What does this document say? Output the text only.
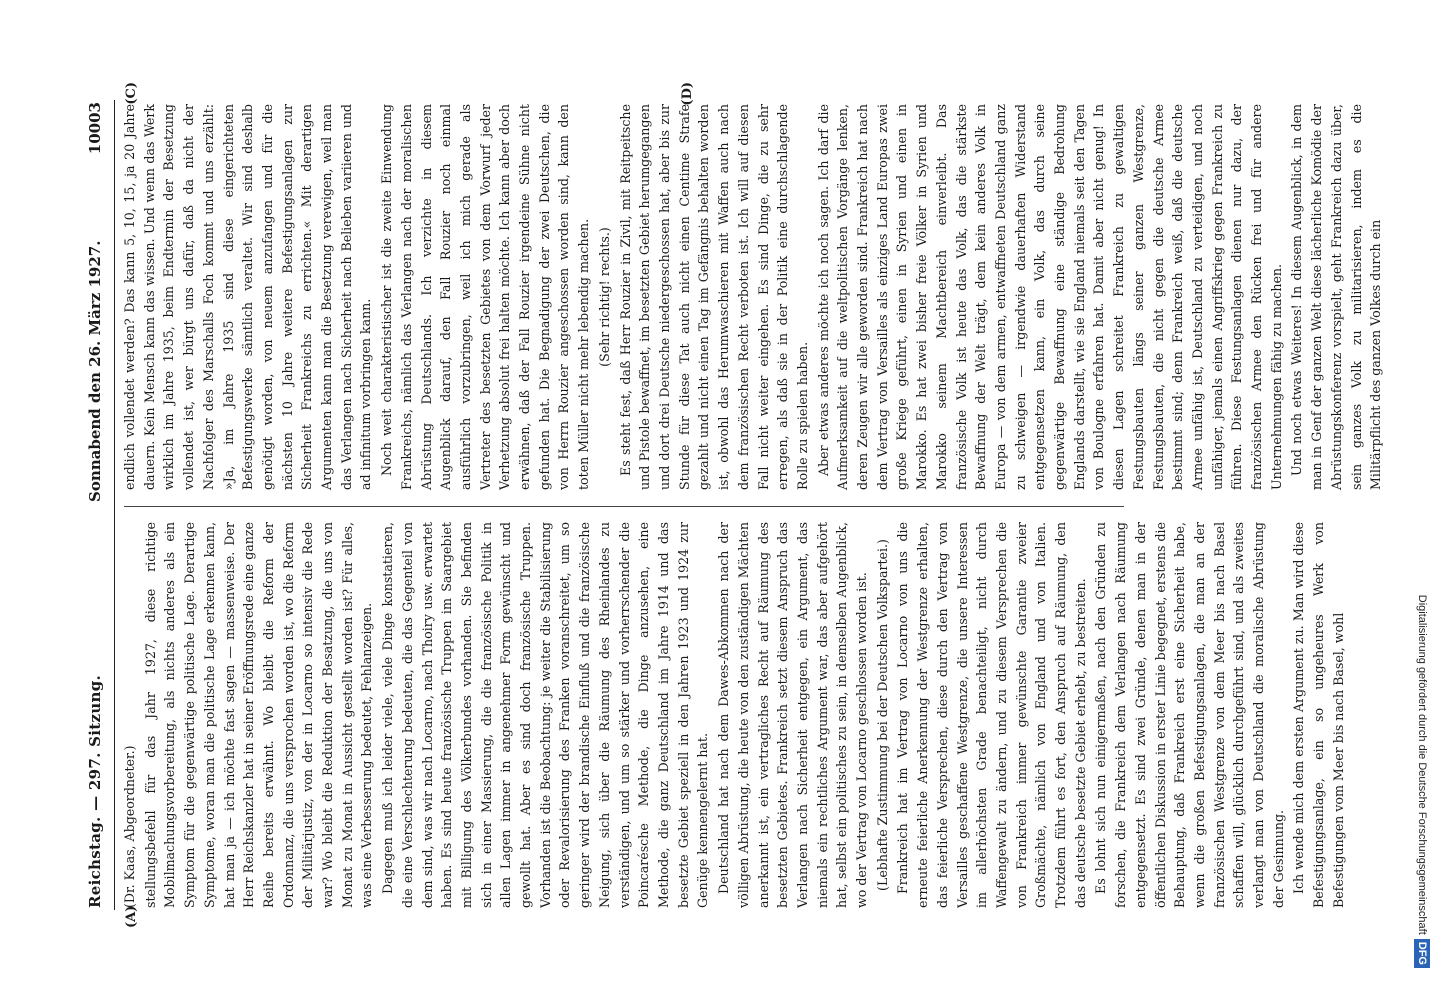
Reichstag. — 297. Sitzung.
Sonnabend den 26. März 1927.
10003
(A)
(C)	(D)

(Dr. Kaas, Abgeordneter.) stellungsbefehl für das Jahr 1927, diese richtige Mobilmachungsvorbereitung, als nichts anderes als ein Symptom für die gegenwärtige politische Lage. Derartige Symptome, woran man die politische Lage erkennen kann, hat man ja — ich möchte fast sagen — massenweise. Der Herr Reichskanzler hat in seiner Eröffnungsrede eine ganze Reihe bereits erwähnt. Wo bleibt die Reform der Ordonnanz, die uns versprochen worden ist, wo die Reform der Militärjustiz, von der in Locarno so intensiv die Rede war? Wo bleibt die Reduktion der Besatzung, die uns von Monat zu Monat in Aussicht gestellt worden ist? Für alles, was eine Verbesserung bedeutet, Fehlanzeigen. Dagegen muß ich leider viele, viele Dinge konstatieren, die eine Verschlechterung bedeuten, die das Gegenteil von dem sind, was wir nach Locarno, nach Thoiry usw. erwartet haben. Es sind heute französische Truppen im Saargebiet mit Billigung des Völkerbundes vorhanden. Sie befinden sich in einer Massierung, die die französische Politik in allen Lagen immer in angenehmer Form gewünscht und gewollt hat. Aber es sind doch französische Truppen. Vorhanden ist die Beobachtung: je weiter die Stabilisierung oder Revalorisierung des Franken voranschreitet, um so geringer wird der brandische Einfluß und die französische Neigung, sich über die Räumung des Rheinlandes zu verständigen, und um so stärker und vorherrschender die Poincarésche Methode, die Dinge anzusehen, eine Methode, die ganz Deutschland im Jahre 1914 und das besetzte Gebiet speziell in den Jahren 1923 und 1924 zur Genüge kennengelernt hat. Deutschland hat nach dem Dawes-Abkommen nach der völligen Abrüstung, die heute von den zuständigen Mächten anerkannt ist, ein vertragliches Recht auf Räumung des besetzten Gebietes. Frankreich setzt diesem Anspruch das Verlangen nach Sicherheit entgegen, ein Argument, das niemals ein rechtliches Argument war, das aber aufgehört hat, selbst ein politisches zu sein, in demselben Augenblick, wo der Vertrag von Locarno geschlossen worden ist. (Lebhafte Zustimmung bei der Deutschen Volkspartei.) Frankreich hat im Vertrag von Locarno von uns die erneute feierliche Anerkennung der Westgrenze erhalten, das feierliche Versprechen, diese durch den Vertrag von Versailles geschaffene Westgrenze, die unsere Interessen im allerhöchsten Grade benachteiligt, nicht durch Waffengewalt zu ändern, und zu diesem Versprechen die von Frankreich immer gewünschte Garantie zweier Großmächte, nämlich von England und von Italien. Trotzdem führt es fort, den Anspruch auf Räumung, den das deutsche besetzte Gebiet erhebt, zu bestreiten. Es lohnt sich nun einigermaßen, nach den Gründen zu forschen, die Frankreich dem Verlangen nach Räumung entgegensetzt. Es sind zwei Gründe, denen man in der öffentlichen Diskussion in erster Linie begegnet, erstens die Behauptung, daß Frankreich erst eine Sicherheit habe, wenn die großen Befestigungsanlagen, die man an der französischen Westgrenze von dem Meer bis nach Basel schaffen will, glücklich durchgeführt sind, und als zweites verlangt man von Deutschland die moralische Abrüstung der Gesinnung. Ich wende mich dem ersten Argument zu. Man wird diese Befestigungsanlage, ein so ungeheures Werk von Befestigungen vom Meer bis nach Basel, wohl

endlich vollendet werden? Das kann 5, 10, 15, ja 20 Jahre dauern. Kein Mensch kann das wissen. Und wenn das Werk wirklich im Jahre 1935, beim Endtermin der Besetzung vollendet ist, wer bürgt uns dafür, daß da nicht der Nachfolger des Marschalls Foch kommt und uns erzählt: »Ja, im Jahre 1935 sind diese eingerichteten Befestigungswerke sämtlich veraltet. Wir sind deshalb genötigt worden, von neuem anzufangen und für die nächsten 10 Jahre weitere Befestigungsanlagen zur Sicherheit Frankreichs zu errichten.« Mit derartigen Argumenten kann man die Besetzung verewigen, weil man das Verlangen nach Sicherheit nach Belieben variieren und ad infinitum vorbringen kann. Noch weit charakteristischer ist die zweite Einwendung Frankreichs, nämlich das Verlangen nach der moralischen Abrüstung Deutschlands. Ich verzichte in diesem Augenblick darauf, den Fall Rouzier noch einmal ausführlich vorzubringen, weil ich mich gerade als Vertreter des besetzten Gebietes von dem Vorwurf jeder Verhetzung absolut frei halten möchte. Ich kann aber doch erwähnen, daß der Fall Rouzier irgendeine Sühne nicht gefunden hat. Die Begnadigung der zwei Deutschen, die von Herrn Rouzier angeschossen worden sind, kann den toten Müller nicht mehr lebendig machen. (Sehr richtig! rechts.) Es steht fest, daß Herr Rouzier in Zivil, mit Reitpeitsche und Pistole bewaffnet, im besetzten Gebiet herumgegangen und dort drei Deutsche niedergeschossen hat, aber bis zur Stunde für diese Tat auch nicht einen Centime Strafe gezahlt und nicht einen Tag im Gefängnis behalten worden ist, obwohl das Herumwaschieren mit Waffen auch nach dem französischen Recht verboten ist. Ich will auf diesen Fall nicht weiter eingehen. Es sind Dinge, die zu sehr erregen, als daß sie in der Politik eine durchschlagende Rolle zu spielen haben. Aber etwas anderes möchte ich noch sagen. Ich darf die Aufmerksamkeit auf die weltpolitischen Vorgänge lenken, deren Zeugen wir alle geworden sind. Frankreich hat nach dem Vertrag von Versailles als einziges Land Europas zwei große Kriege geführt, einen in Syrien und einen in Marokko. Es hat zwei bisher freie Völker in Syrien und Marokko seinem Machtbereich einverleibt. Das französische Volk ist heute das Volk, das die stärkste Bewaffnung der Welt trägt, dem kein anderes Volk in Europa — von dem armen, entwaffneten Deutschland ganz zu schweigen — irgendwie dauerhaften Widerstand entgegensetzen kann, ein Volk, das durch seine gegenwärtige Bewaffnung eine ständige Bedrohung Englands darstellt, wie sie England niemals seit den Tagen von Boulogne erfahren hat. Damit aber nicht genug! In diesen Lagen schreitet Frankreich zu gewaltigen Festungsbauten längs seiner ganzen Westgrenze, Festungsbauten, die nicht gegen die deutsche Armee bestimmt sind; denn Frankreich weiß, daß die deutsche Armee unfähig ist, Deutschland zu verteidigen, und noch unfähiger, jemals einen Angriffskrieg gegen Frankreich zu führen. Diese Festungsanlagen dienen nur dazu, der französischen Armee den Rücken frei und für andere Unternehmungen fähig zu machen. Und noch etwas Weiteres! In diesem Augenblick, in dem man in Genf der ganzen Welt diese lächerliche Komödie der Abrüstungskonferenz vorspielt, geht Frankreich dazu über, sein ganzes Volk zu militarisieren, indem es die Militärpflicht des ganzen Volkes durch ein

Digitalisierung gefördert durch die Deutsche ForschungsgemeinschaftDFG
